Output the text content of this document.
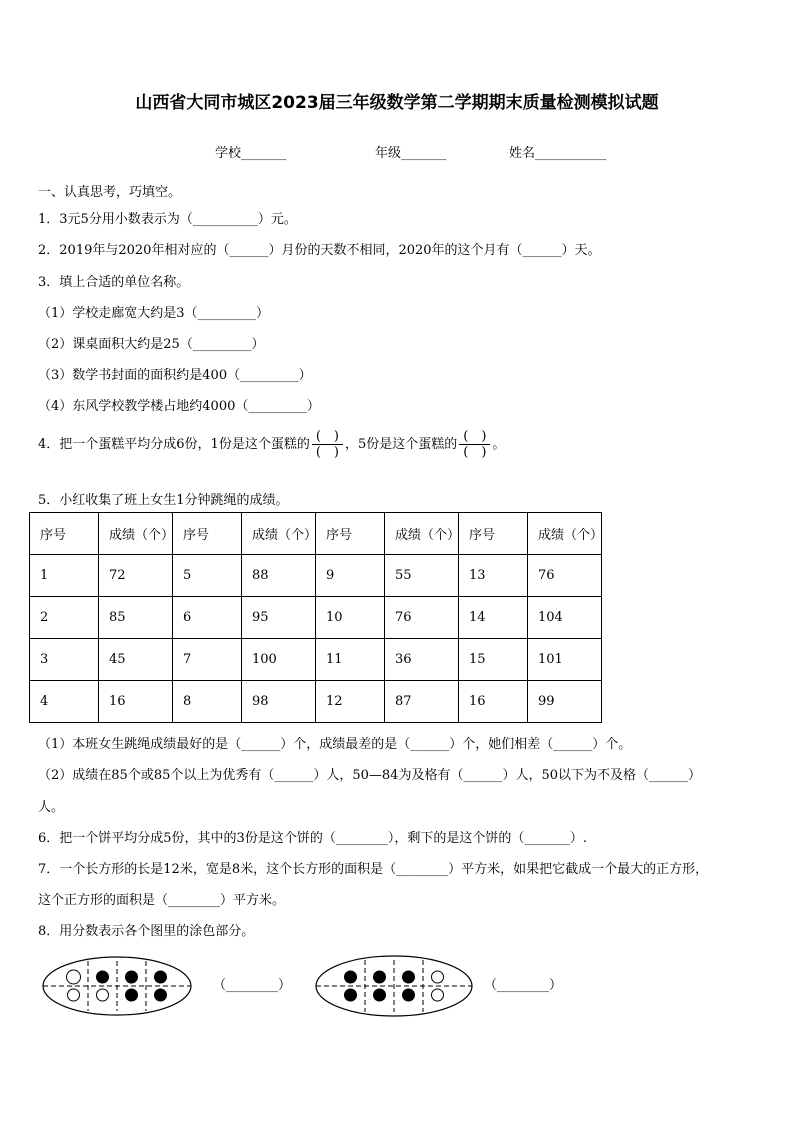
山西省大同市城区2023届三年级数学第二学期期末质量检测模拟试题
学校_______	年级_______	姓名___________
一、认真思考，巧填空。
1．3元5分用小数表示为（__________）元。
2．2019年与2020年相对应的（______）月份的天数不相同，2020年的这个月有（______）天。
3．填上合适的单位名称。
（1）学校走廊宽大约是3（_________）
（2）课桌面积大约是25（_________）
（3）数学书封面的面积约是400（_________）
（4）东风学校教学楼占地约4000（_________）
4．把一个蛋糕平均分成6份，1份是这个蛋糕的 $\frac{( )}{( )}$ ，5份是这个蛋糕的 $\frac{( )}{( )}$ 。
5．小红收集了班上女生1分钟跳绳的成绩。
序号	成绩（个）	序号	成绩（个）	序号	成绩（个）	序号	成绩（个）
1	72	5	88	9	55	13	76
2	85	6	95	10	76	14	104
3	45	7	100	11	36	15	101
4	16	8	98	12	87	16	99
（1）本班女生跳绳成绩最好的是（______）个，成绩最差的是（______）个，她们相差（______）个。
（2）成绩在85个或85个以上为优秀有（______）人，50—84为及格有（______）人，50以下为不及格（______）
人。
6．把一个饼平均分成5份，其中的3份是这个饼的（________），剩下的是这个饼的（_______）.
7．一个长方形的长是12米，宽是8米，这个长方形的面积是（________）平方米，如果把它截成一个最大的正方形，
这个正方形的面积是（________）平方米。
8．用分数表示各个图里的涂色部分。
（________）	（________）
